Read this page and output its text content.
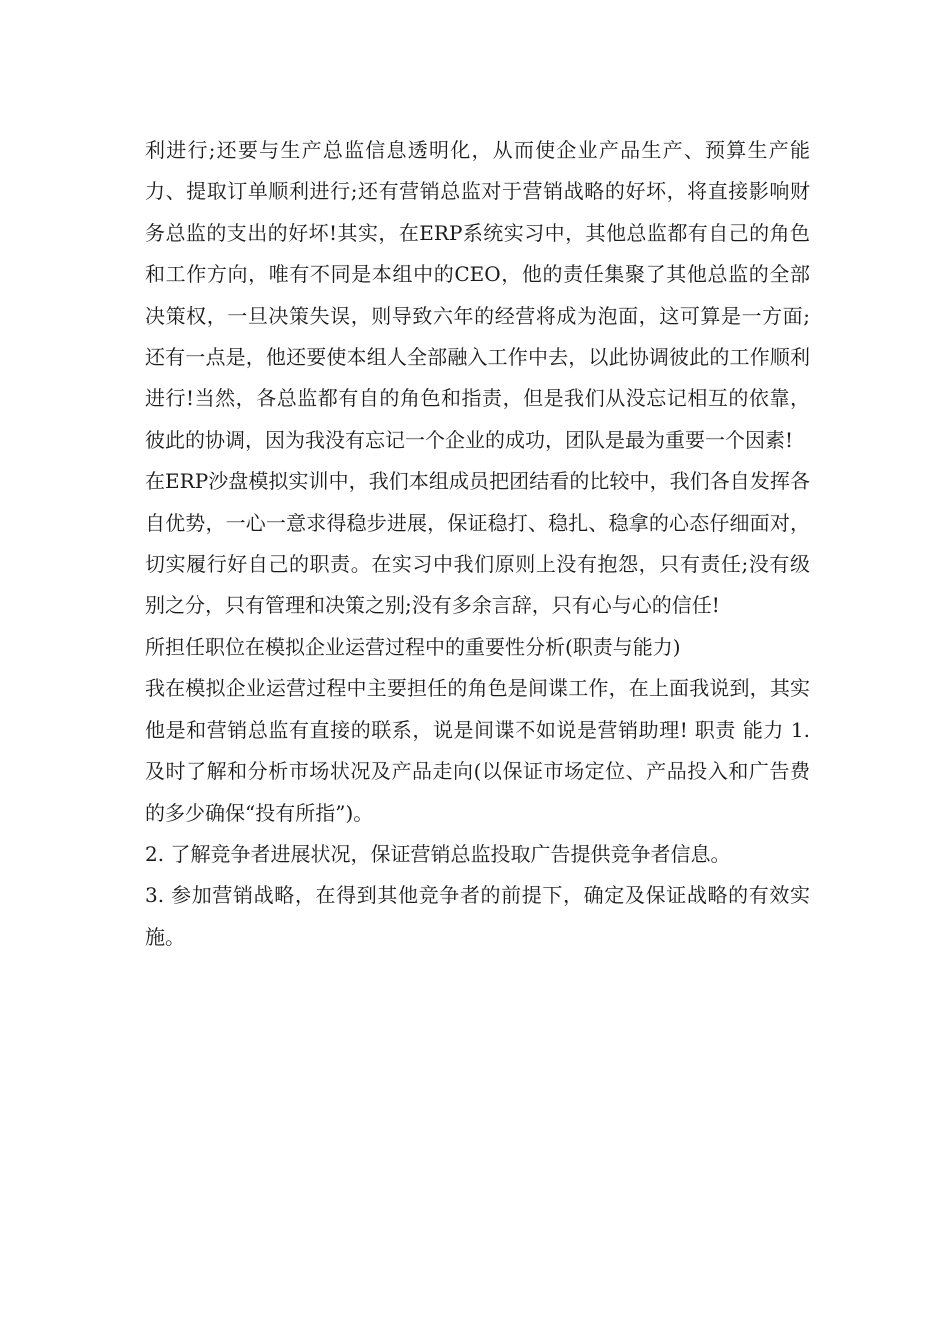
利进行;还要与生产总监信息透明化，从而使企业产品生产、预算生产能力、提取订单顺利进行;还有营销总监对于营销战略的好坏，将直接影响财务总监的支出的好坏!其实，在ERP系统实习中，其他总监都有自己的角色和工作方向，唯有不同是本组中的CEO，他的责任集聚了其他总监的全部决策权，一旦决策失误，则导致六年的经营将成为泡面，这可算是一方面;还有一点是，他还要使本组人全部融入工作中去，以此协调彼此的工作顺利进行!当然，各总监都有自的角色和指责，但是我们从没忘记相互的依靠，彼此的协调，因为我没有忘记一个企业的成功，团队是最为重要一个因素!

在ERP沙盘模拟实训中，我们本组成员把团结看的比较中，我们各自发挥各自优势，一心一意求得稳步进展，保证稳打、稳扎、稳拿的心态仔细面对，切实履行好自己的职责。在实习中我们原则上没有抱怨，只有责任;没有级别之分，只有管理和决策之别;没有多余言辞，只有心与心的信任!

所担任职位在模拟企业运营过程中的重要性分析(职责与能力)

我在模拟企业运营过程中主要担任的角色是间谍工作，在上面我说到，其实他是和营销总监有直接的联系，说是间谍不如说是营销助理! 职责 能力 1.及时了解和分析市场状况及产品走向(以保证市场定位、产品投入和广告费的多少确保“投有所指”)。

2. 了解竞争者进展状况，保证营销总监投取广告提供竞争者信息。

3. 参加营销战略，在得到其他竞争者的前提下，确定及保证战略的有效实施。
